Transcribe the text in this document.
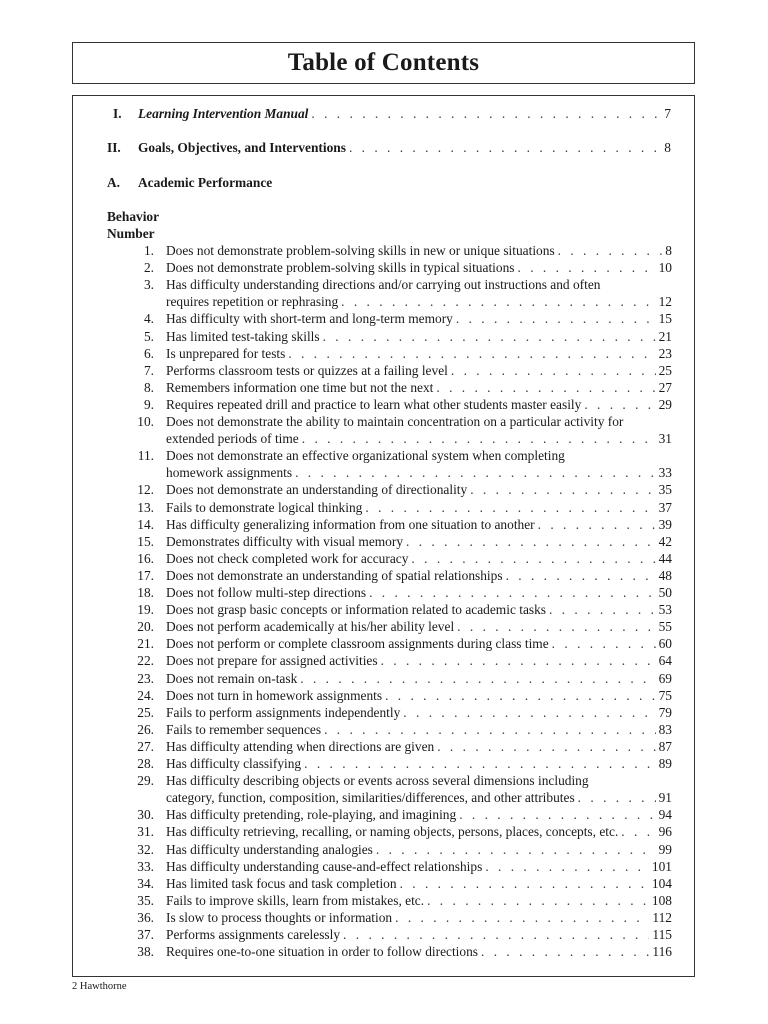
Table of Contents
I. Learning Intervention Manual . . .	7
II. Goals, Objectives, and Interventions . . .	8
A. Academic Performance
Behavior
Number
1. Does not demonstrate problem-solving skills in new or unique situations . . .	8
2. Does not demonstrate problem-solving skills in typical situations . . .	10
3. Has difficulty understanding directions and/or carrying out instructions and often
requires repetition or rephrasing . . .	12
4. Has difficulty with short-term and long-term memory . . .	15
5. Has limited test-taking skills . . .	21
6. Is unprepared for tests . . .	23
7. Performs classroom tests or quizzes at a failing level . . .	25
8. Remembers information one time but not the next . . .	27
9. Requires repeated drill and practice to learn what other students master easily . . .	29
10. Does not demonstrate the ability to maintain concentration on a particular activity for
extended periods of time . . .	31
11. Does not demonstrate an effective organizational system when completing
homework assignments . . .	33
12. Does not demonstrate an understanding of directionality . . .	35
13. Fails to demonstrate logical thinking . . .	37
14. Has difficulty generalizing information from one situation to another . . .	39
15. Demonstrates difficulty with visual memory . . .	42
16. Does not check completed work for accuracy . . .	44
17. Does not demonstrate an understanding of spatial relationships . . .	48
18. Does not follow multi-step directions . . .	50
19. Does not grasp basic concepts or information related to academic tasks . . .	53
20. Does not perform academically at his/her ability level . . .	55
21. Does not perform or complete classroom assignments during class time . . .	60
22. Does not prepare for assigned activities . . .	64
23. Does not remain on-task . . .	69
24. Does not turn in homework assignments . . .	75
25. Fails to perform assignments independently . . .	79
26. Fails to remember sequences . . .	83
27. Has difficulty attending when directions are given . . .	87
28. Has difficulty classifying . . .	89
29. Has difficulty describing objects or events across several dimensions including
category, function, composition, similarities/differences, and other attributes . . .	91
30. Has difficulty pretending, role-playing, and imagining . . .	94
31. Has difficulty retrieving, recalling, or naming objects, persons, places, concepts, etc. . . .	96
32. Has difficulty understanding analogies . . .	99
33. Has difficulty understanding cause-and-effect relationships . . .	101
34. Has limited task focus and task completion . . .	104
35. Fails to improve skills, learn from mistakes, etc. . . .	108
36. Is slow to process thoughts or information . . .	112
37. Performs assignments carelessly . . .	115
38. Requires one-to-one situation in order to follow directions . . .	116
2 Hawthorne
